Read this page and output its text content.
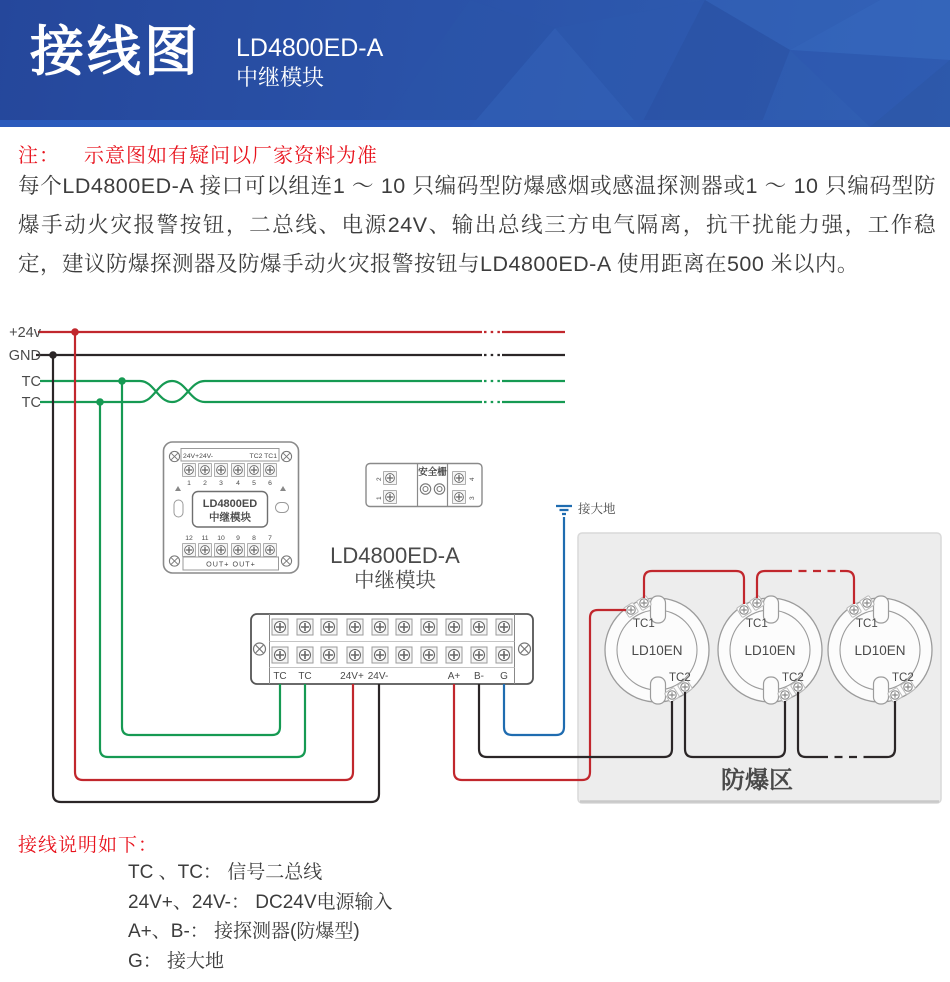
接线图 LD4800ED-A
中继模块
注： 示意图如有疑问以厂家资料为准
每个LD4800ED-A 接口可以组连1 ～ 10 只编码型防爆感烟或感温探测器或1 ～ 10 只编码型防爆手动火灾报警按钮，二总线、电源24V、输出总线三方电气隔离，抗干扰能力强，工作稳定，建议防爆探测器及防爆手动火灾报警按钮与LD4800ED-A 使用距离在500 米以内。
防爆区
TC1
LD10EN
TC2
TC1
LD10EN
TC2
TC1
LD10EN
TC2
+24v
GND
TC
TC
24V+24V-	TC2 TC1
1 2 3 4 5 6
LD4800ED
中继模块
12 11 10 9 8 7
OUT+ OUT+
2
1
4
3
安全栅
LD4800ED-A
中继模块
TC TC	24V+ 24V-	A+ B- G
接大地
接线说明如下：
TC 、TC： 信号二总线
24V+、24V-： DC24V电源输入
A+、B-： 接探测器(防爆型)
G： 接大地
